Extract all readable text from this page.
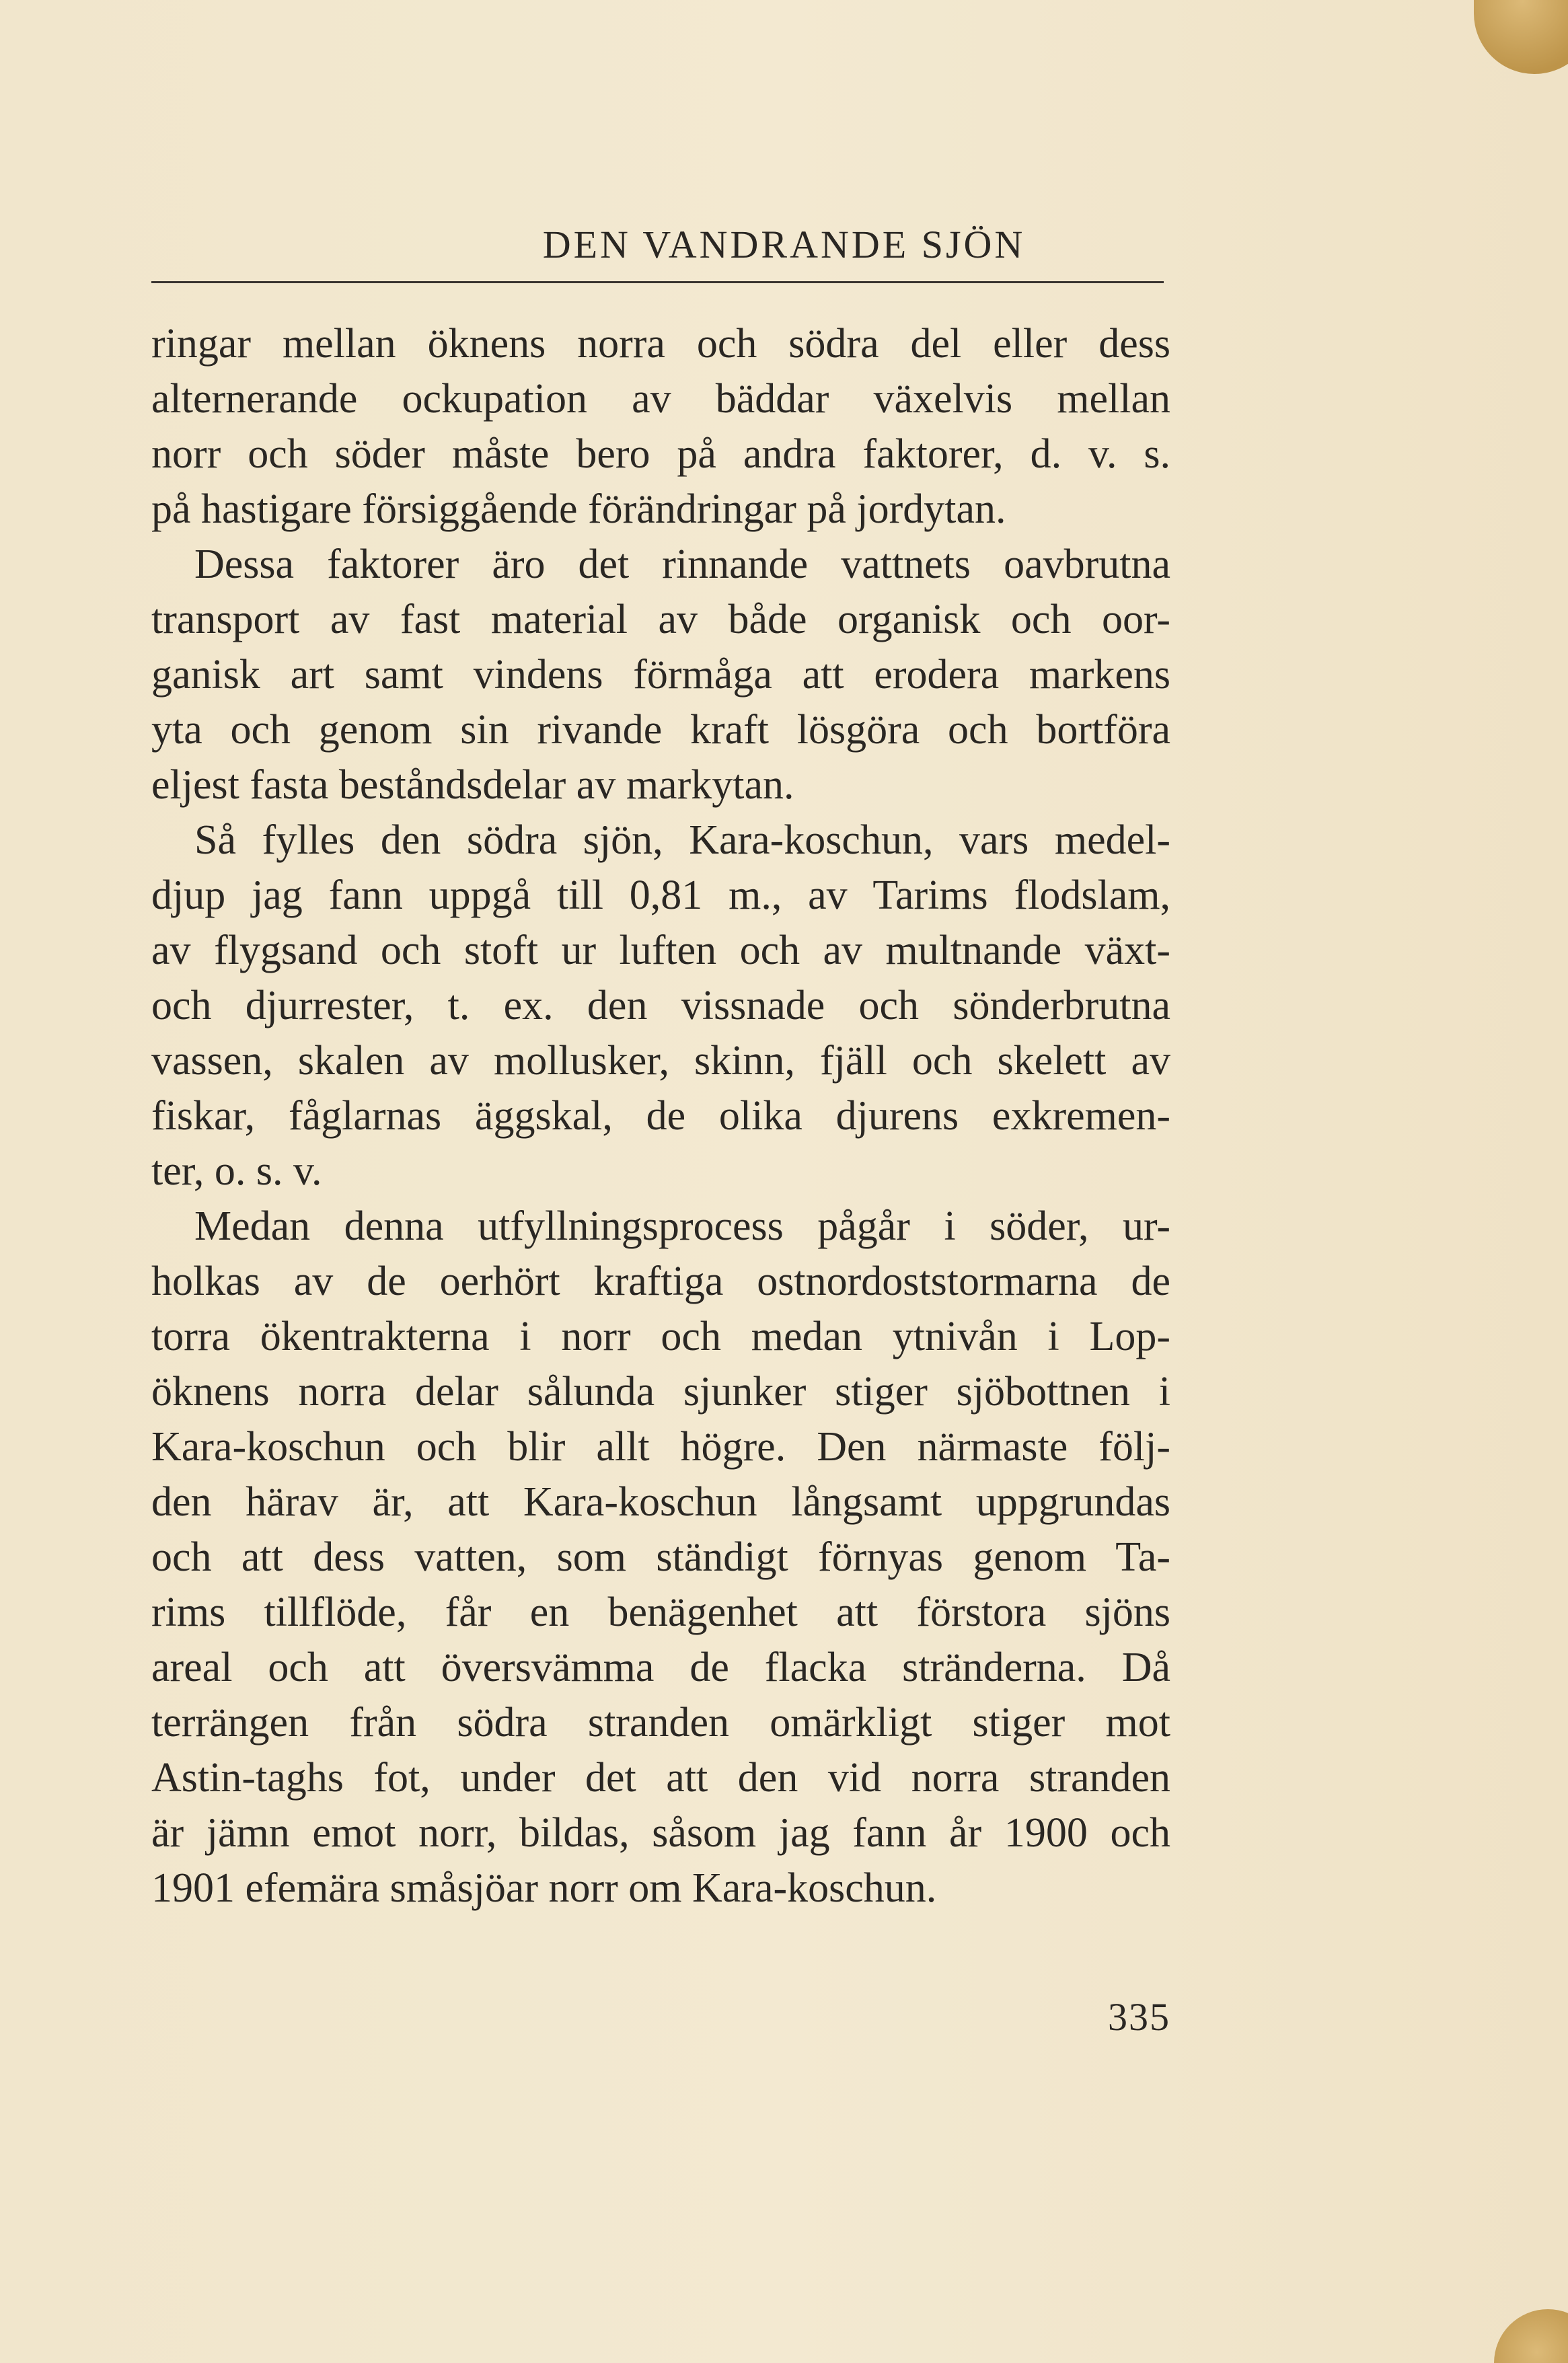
DEN VANDRANDE SJÖN
ringar mellan öknens norra och södra del eller dess
alternerande ockupation av bäddar växelvis mellan
norr och söder måste bero på andra faktorer, d. v. s.
på hastigare försiggående förändringar på jordytan.
Dessa faktorer äro det rinnande vattnets oavbrutna
transport av fast material av både organisk och oor-
ganisk art samt vindens förmåga att erodera markens
yta och genom sin rivande kraft lösgöra och bortföra
eljest fasta beståndsdelar av markytan.
Så fylles den södra sjön, Kara-koschun, vars medel-
djup jag fann uppgå till 0,81 m., av Tarims flodslam,
av flygsand och stoft ur luften och av multnande växt-
och djurrester, t. ex. den vissnade och sönderbrutna
vassen, skalen av mollusker, skinn, fjäll och skelett av
fiskar, fåglarnas äggskal, de olika djurens exkremen-
ter, o. s. v.
Medan denna utfyllningsprocess pågår i söder, ur-
holkas av de oerhört kraftiga ostnordoststormarna de
torra ökentrakterna i norr och medan ytnivån i Lop-
öknens norra delar sålunda sjunker stiger sjöbottnen i
Kara-koschun och blir allt högre. Den närmaste följ-
den härav är, att Kara-koschun långsamt uppgrundas
och att dess vatten, som ständigt förnyas genom Ta-
rims tillflöde, får en benägenhet att förstora sjöns
areal och att översvämma de flacka stränderna. Då
terrängen från södra stranden omärkligt stiger mot
Astin-taghs fot, under det att den vid norra stranden
är jämn emot norr, bildas, såsom jag fann år 1900 och
1901 efemära småsjöar norr om Kara-koschun.
335
